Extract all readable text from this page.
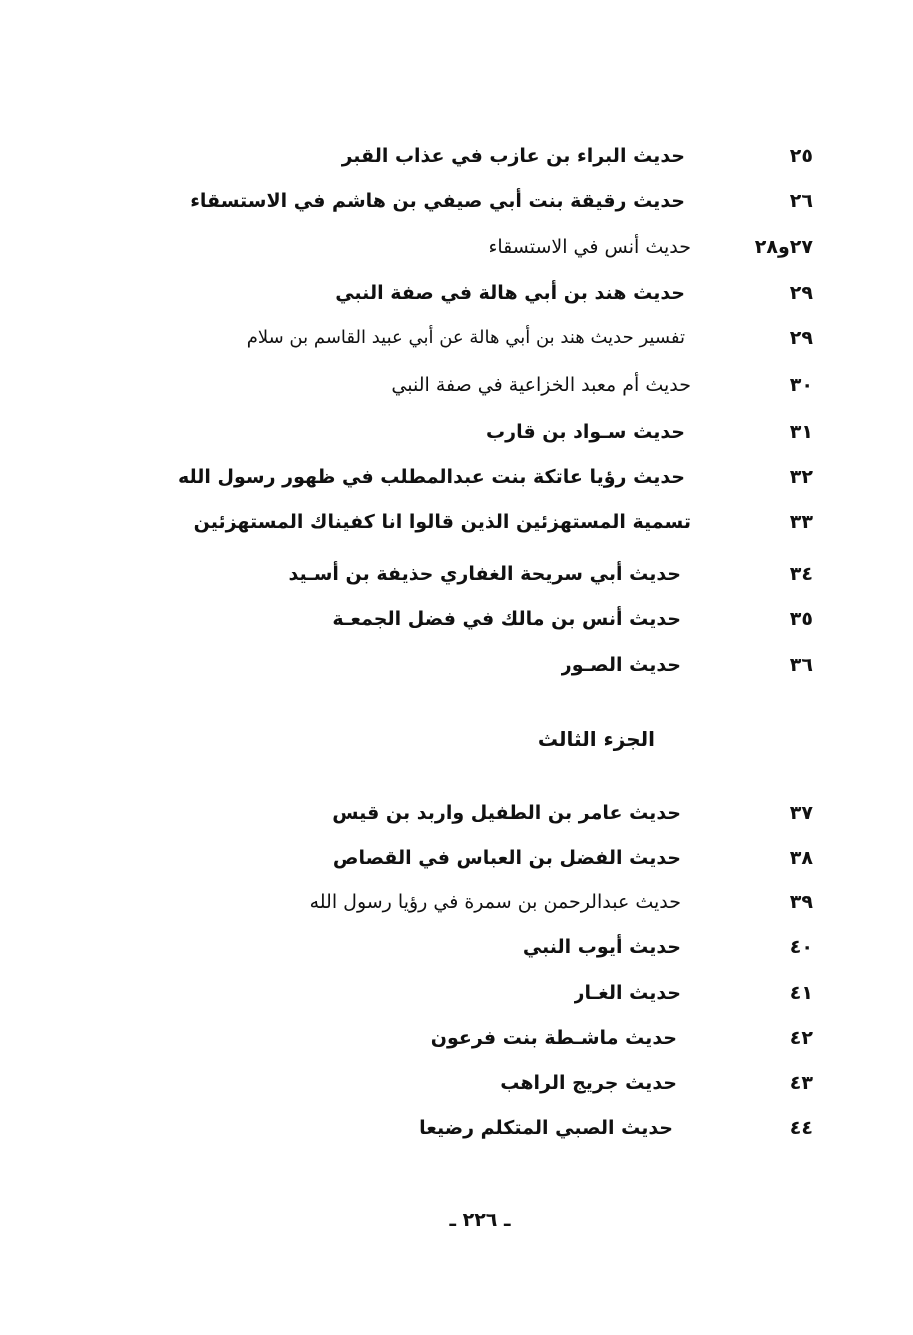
٢٥
حديث البراء بن عازب في عذاب القبر
٢٦
حديث رقيقة بنت أبي صيفي بن هاشم في الاستسقاء
٢٧و٢٨
حديث أنس في الاستسقاء
٢٩
حديث هند بن أبي هالة في صفة النبي
٢٩
تفسير حديث هند بن أبي هالة عن أبي عبيد القاسم بن سلام
٣٠
حديث أم معبد الخزاعية في صفة النبي
٣١
حديث سـواد بن قارب
٣٢
حديث رؤيا عاتكة بنت عبدالمطلب في ظهور رسول الله
٣٣
تسمية المستهزئين الذين قالوا انا كفيناك المستهزئين
٣٤
حديث أبي سريحة الغفاري حذيفة بن أسـيد
٣٥
حديث أنس بن مالك في فضل الجمعـة
٣٦
حديث الصـور
الجزء الثالث
٣٧
حديث عامر بن الطفيل واربد بن قيس
٣٨
حديث الفضل بن العباس في القصاص
٣٩
حديث عبدالرحمن بن سمرة في رؤيا رسول الله
٤٠
حديث أيوب النبي
٤١
حديث الغـار
٤٢
حديث ماشـطة بنت فرعون
٤٣
حديث جريج الراهب
٤٤
حديث الصبي المتكلم رضيعا
ـ ٢٢٦ ـ
